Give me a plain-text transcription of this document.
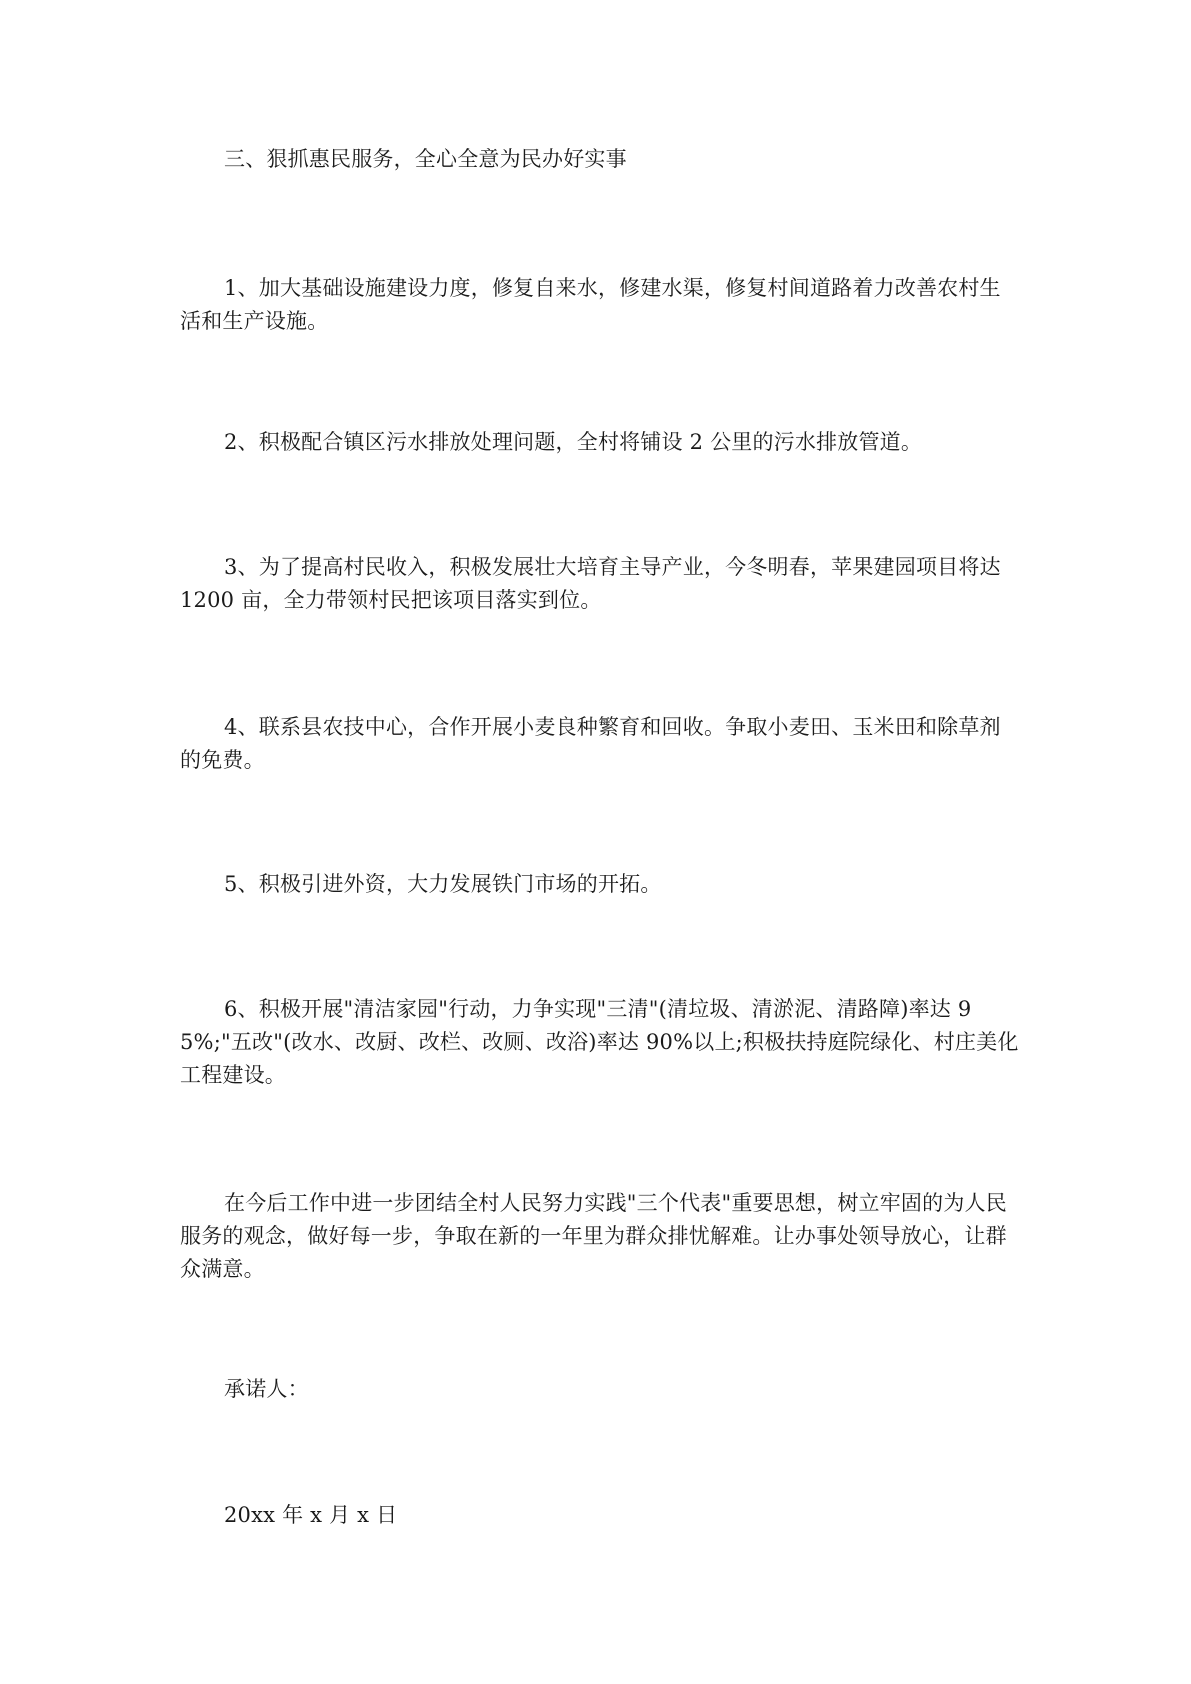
三、狠抓惠民服务，全心全意为民办好实事

1、加大基础设施建设力度，修复自来水，修建水渠，修复村间道路着力改善农村生活和生产设施。

2、积极配合镇区污水排放处理问题，全村将铺设 2 公里的污水排放管道。

3、为了提高村民收入，积极发展壮大培育主导产业，今冬明春，苹果建园项目将达 1200 亩，全力带领村民把该项目落实到位。

4、联系县农技中心，合作开展小麦良种繁育和回收。争取小麦田、玉米田和除草剂的免费。

5、积极引进外资，大力发展铁门市场的开拓。

6、积极开展"清洁家园"行动，力争实现"三清"(清垃圾、清淤泥、清路障)率达 95%;"五改"(改水、改厨、改栏、改厕、改浴)率达 90%以上;积极扶持庭院绿化、村庄美化工程建设。

在今后工作中进一步团结全村人民努力实践"三个代表"重要思想，树立牢固的为人民服务的观念，做好每一步，争取在新的一年里为群众排忧解难。让办事处领导放心，让群众满意。

承诺人：

20xx 年 x 月 x 日
